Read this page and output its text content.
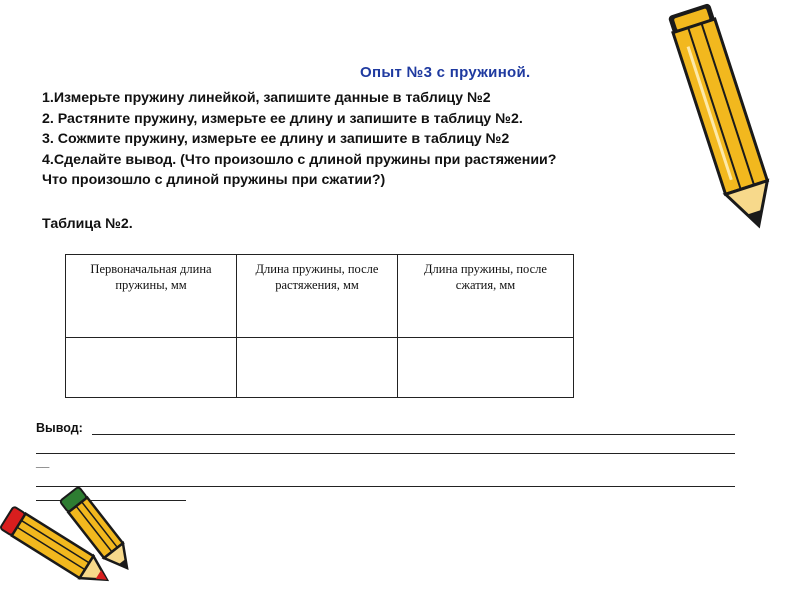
Опыт №3 с пружиной.
1.Измерьте пружину линейкой, запишите данные в таблицу №2
2. Растяните пружину, измерьте ее длину и запишите в таблицу №2.
3. Сожмите пружину, измерьте ее длину и запишите в таблицу №2
4.Сделайте вывод. (Что произошло с длиной пружины при растяжении?
Что произошло с длиной пружины при сжатии?)
Таблица №2.
Первоначальная длина пружины, мм	Длина пружины, после растяжения, мм	Длина пружины, после сжатия, мм

Вывод:
__
